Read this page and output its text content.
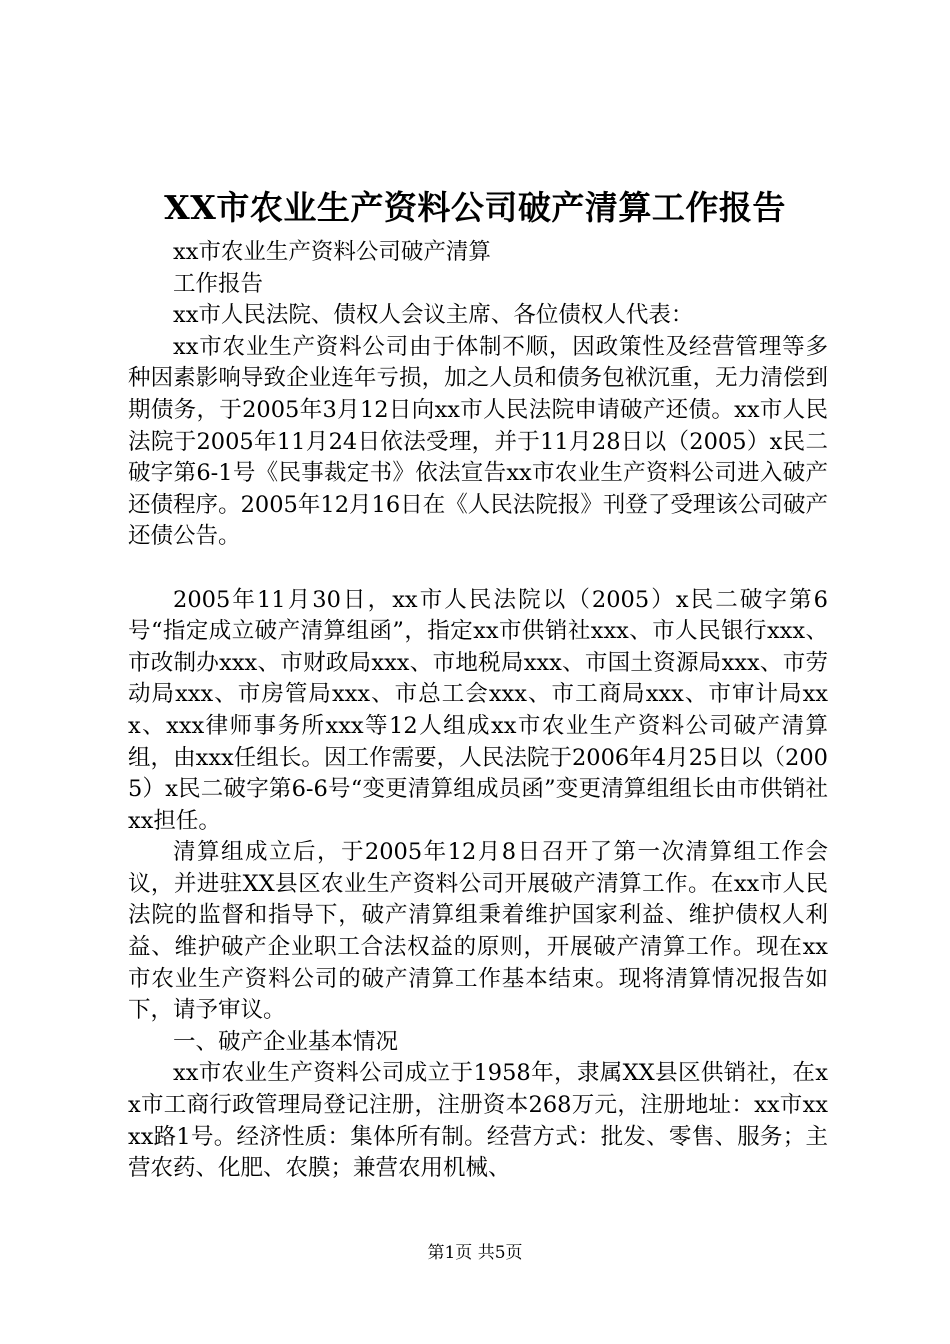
XX市农业生产资料公司破产清算工作报告

xx市农业生产资料公司破产清算

工作报告

xx市人民法院、债权人会议主席、各位债权人代表：

xx市农业生产资料公司由于体制不顺，因政策性及经营管理等多种因素影响导致企业连年亏损，加之人员和债务包袱沉重，无力清偿到期债务，于2005年3月12日向xx市人民法院申请破产还债。xx市人民法院于2005年11月24日依法受理，并于11月28日以（2005）x民二破字第6-1号《民事裁定书》依法宣告xx市农业生产资料公司进入破产还债程序。2005年12月16日在《人民法院报》刊登了受理该公司破产还债公告。

2005年11月30日，xx市人民法院以（2005）x民二破字第6号“指定成立破产清算组函”，指定xx市供销社xxx、市人民银行xxx、市改制办xxx、市财政局xxx、市地税局xxx、市国土资源局xxx、市劳动局xxx、市房管局xxx、市总工会xxx、市工商局xxx、市审计局xxx、xxx律师事务所xxx等12人组成xx市农业生产资料公司破产清算组，由xxx任组长。因工作需要，人民法院于2006年4月25日以（2005）x民二破字第6-6号“变更清算组成员函”变更清算组组长由市供销社xx担任。

清算组成立后，于2005年12月8日召开了第一次清算组工作会议，并进驻XX县区农业生产资料公司开展破产清算工作。在xx市人民法院的监督和指导下，破产清算组秉着维护国家利益、维护债权人利益、维护破产企业职工合法权益的原则，开展破产清算工作。现在xx市农业生产资料公司的破产清算工作基本结束。现将清算情况报告如下，请予审议。

一、破产企业基本情况

xx市农业生产资料公司成立于1958年，隶属XX县区供销社，在xx市工商行政管理局登记注册，注册资本268万元，注册地址：xx市xxxx路1号。经济性质：集体所有制。经营方式：批发、零售、服务；主营农药、化肥、农膜；兼营农用机械、

第1页 共5页
